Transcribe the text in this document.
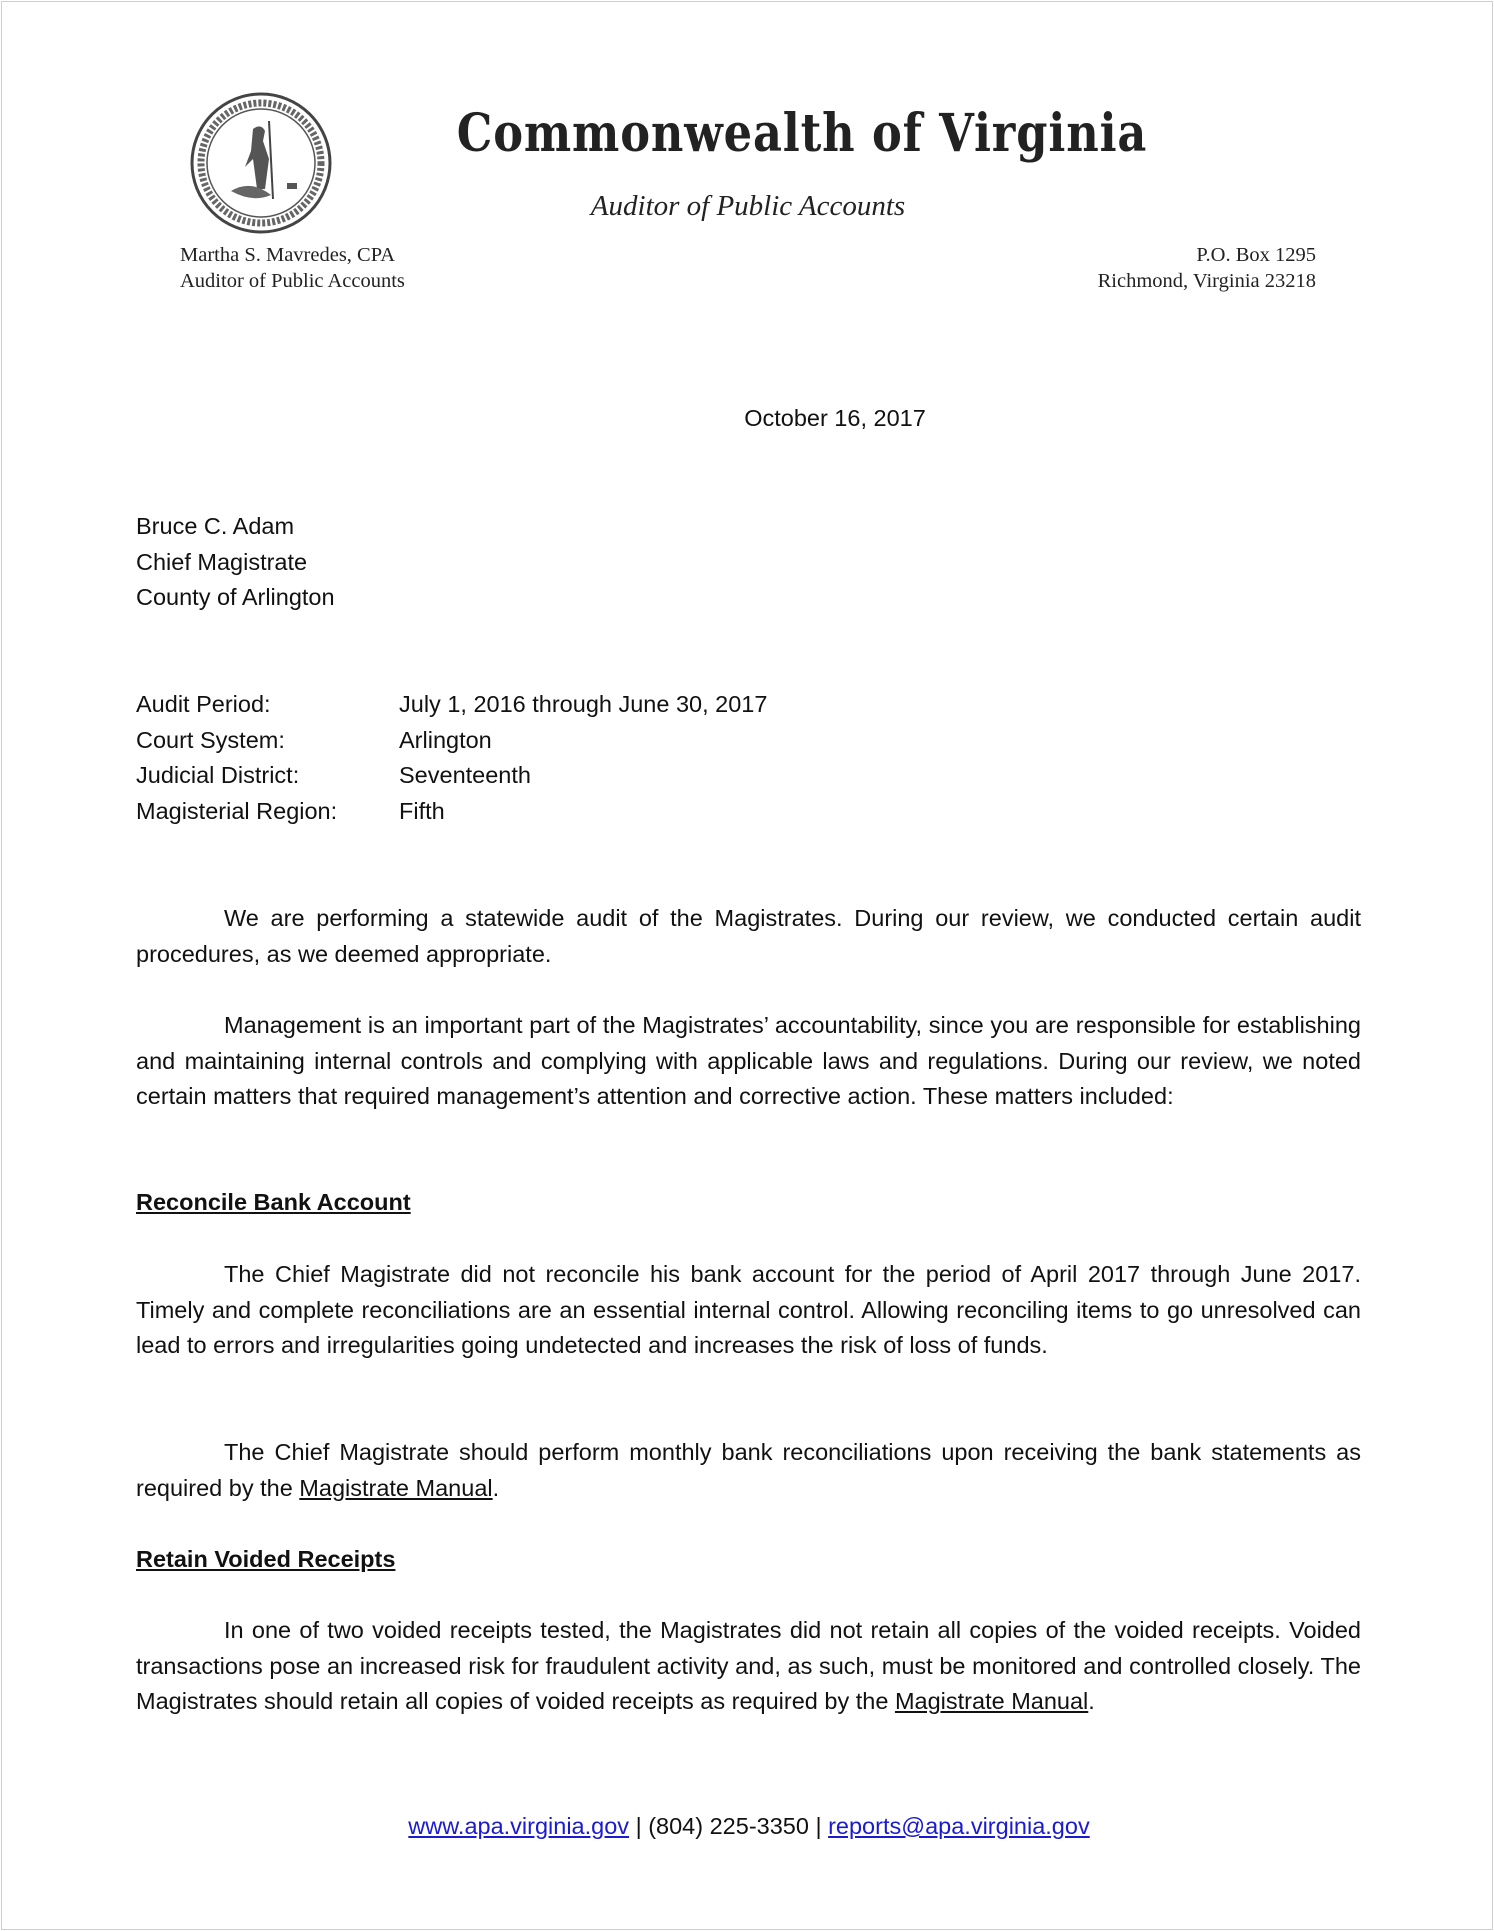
Commonwealth of Virginia
Auditor of Public Accounts
Martha S. Mavredes, CPA
Auditor of Public Accounts
P.O. Box 1295
Richmond, Virginia 23218
October 16, 2017
Bruce C. Adam
Chief Magistrate
County of Arlington
Audit Period:	July 1, 2016 through June 30, 2017
Court System:	Arlington
Judicial District:	Seventeenth
Magisterial Region:	Fifth
We are performing a statewide audit of the Magistrates. During our review, we conducted certain audit procedures, as we deemed appropriate.
Management is an important part of the Magistrates’ accountability, since you are responsible for establishing and maintaining internal controls and complying with applicable laws and regulations. During our review, we noted certain matters that required management’s attention and corrective action. These matters included:
Reconcile Bank Account
The Chief Magistrate did not reconcile his bank account for the period of April 2017 through June 2017. Timely and complete reconciliations are an essential internal control. Allowing reconciling items to go unresolved can lead to errors and irregularities going undetected and increases the risk of loss of funds.
The Chief Magistrate should perform monthly bank reconciliations upon receiving the bank statements as required by the Magistrate Manual.
Retain Voided Receipts
In one of two voided receipts tested, the Magistrates did not retain all copies of the voided receipts. Voided transactions pose an increased risk for fraudulent activity and, as such, must be monitored and controlled closely. The Magistrates should retain all copies of voided receipts as required by the Magistrate Manual.
www.apa.virginia.gov | (804) 225-3350 | reports@apa.virginia.gov
